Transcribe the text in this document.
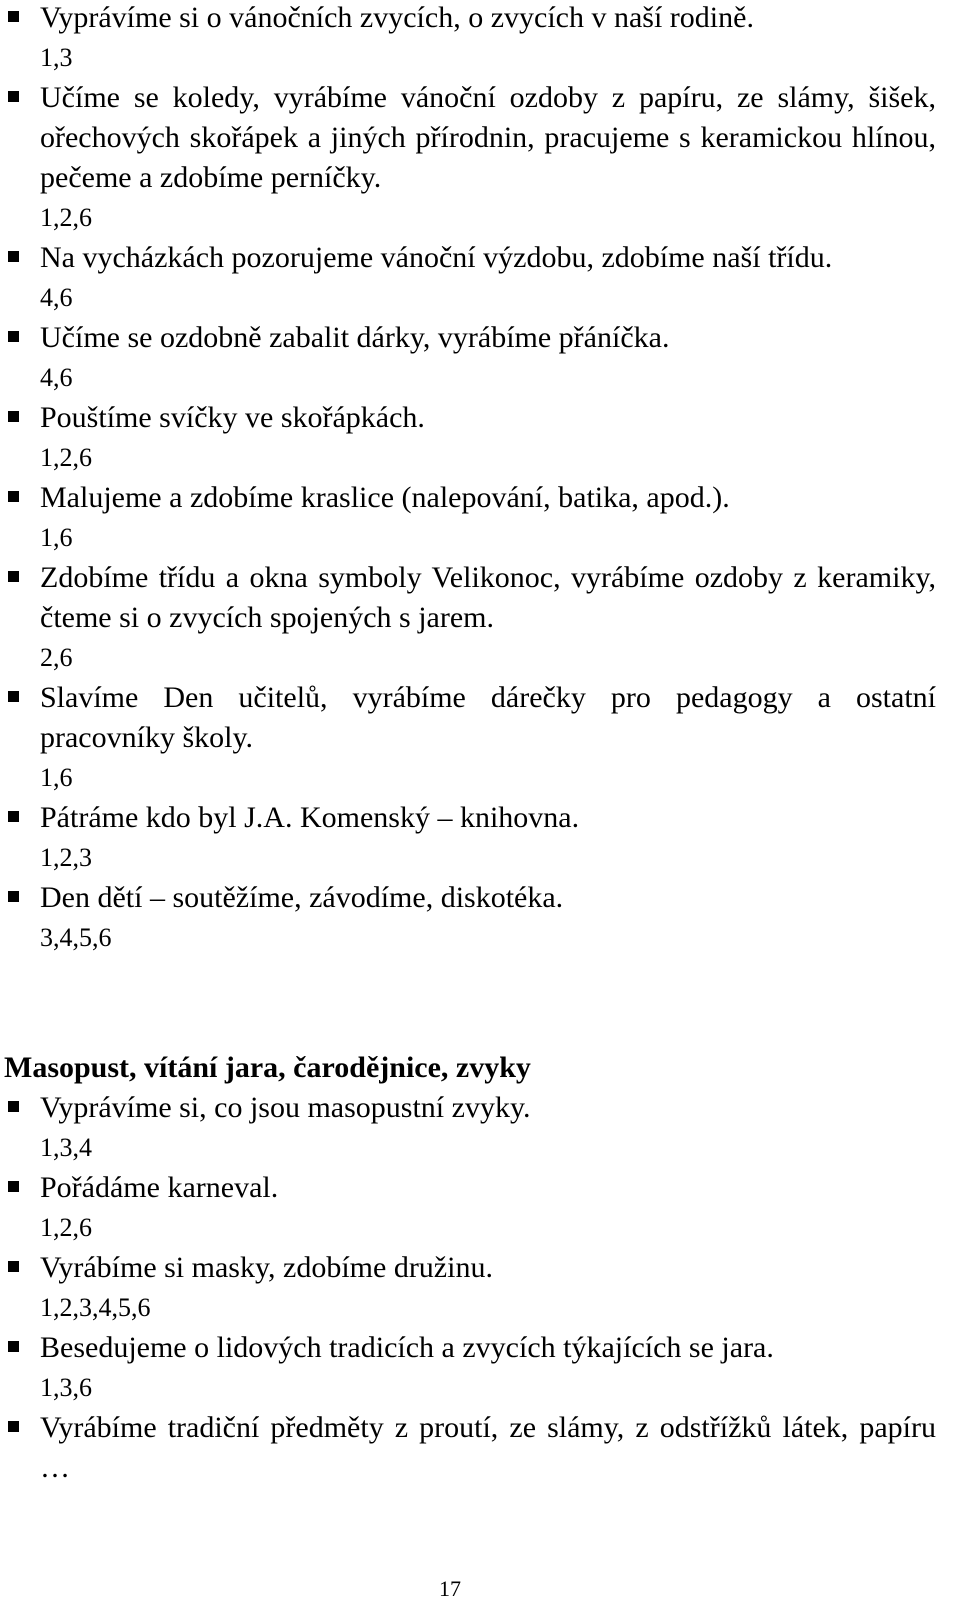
Vyprávíme si o vánočních zvycích, o zvycích v naší rodině.
1,3
Učíme se koledy, vyrábíme vánoční ozdoby z papíru, ze slámy, šišek, ořechových skořápek a jiných přírodnin, pracujeme s keramickou hlínou, pečeme a zdobíme perníčky.
1,2,6
Na vycházkách pozorujeme vánoční výzdobu, zdobíme naší třídu.
4,6
Učíme se ozdobně zabalit dárky, vyrábíme přáníčka.
4,6
Pouštíme svíčky ve skořápkách.
1,2,6
Malujeme a zdobíme kraslice (nalepování, batika, apod.).
1,6
Zdobíme třídu a okna symboly Velikonoc, vyrábíme ozdoby z keramiky, čteme si o zvycích spojených s jarem.
2,6
Slavíme Den učitelů, vyrábíme dárečky pro pedagogy a ostatní pracovníky školy.
1,6
Pátráme kdo byl J.A. Komenský – knihovna.
1,2,3
Den dětí – soutěžíme, závodíme, diskotéka.
3,4,5,6
Masopust, vítání jara, čarodějnice, zvyky
Vyprávíme si, co jsou masopustní zvyky.
1,3,4
Pořádáme karneval.
1,2,6
Vyrábíme si masky, zdobíme družinu.
1,2,3,4,5,6
Besedujeme o lidových tradicích a zvycích týkajících se jara.
1,3,6
Vyrábíme tradiční předměty z proutí, ze slámy, z odstřížků látek, papíru …
17
